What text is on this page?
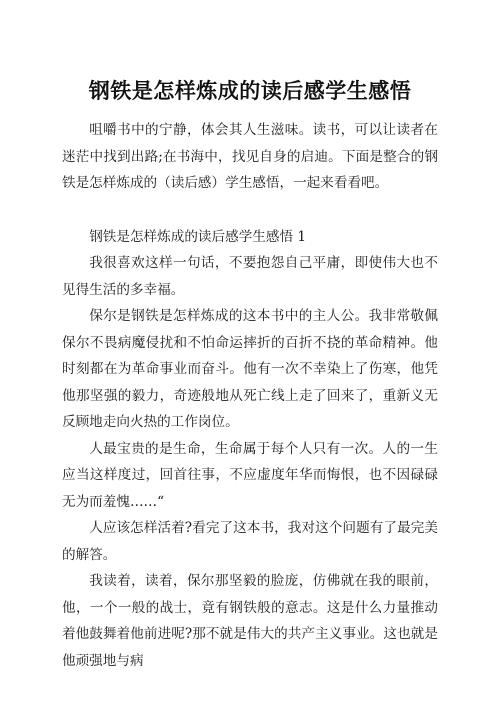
钢铁是怎样炼成的读后感学生感悟

咀嚼书中的宁静，体会其人生滋味。读书，可以让读者在迷茫中找到出路;在书海中，找见自身的启迪。下面是整合的钢铁是怎样炼成的（读后感）学生感悟，一起来看看吧。

钢铁是怎样炼成的读后感学生感悟 1

我很喜欢这样一句话，不要抱怨自己平庸，即使伟大也不见得生活的多幸福。

保尔是钢铁是怎样炼成的这本书中的主人公。我非常敬佩保尔不畏病魔侵扰和不怕命运摔折的百折不挠的革命精神。他时刻都在为革命事业而奋斗。他有一次不幸染上了伤寒，他凭他那坚强的毅力，奇迹般地从死亡线上走了回来了，重新义无反顾地走向火热的工作岗位。

人最宝贵的是生命，生命属于每个人只有一次。人的一生应当这样度过，回首往事，不应虚度年华而悔恨，也不因碌碌无为而羞愧……“

人应该怎样活着?看完了这本书，我对这个问题有了最完美的解答。

我读着，读着，保尔那坚毅的脸庞，仿佛就在我的眼前，他，一个一般的战士，竟有钢铁般的意志。这是什么力量推动着他鼓舞着他前进呢?那不就是伟大的共产主义事业。这也就是他顽强地与病
